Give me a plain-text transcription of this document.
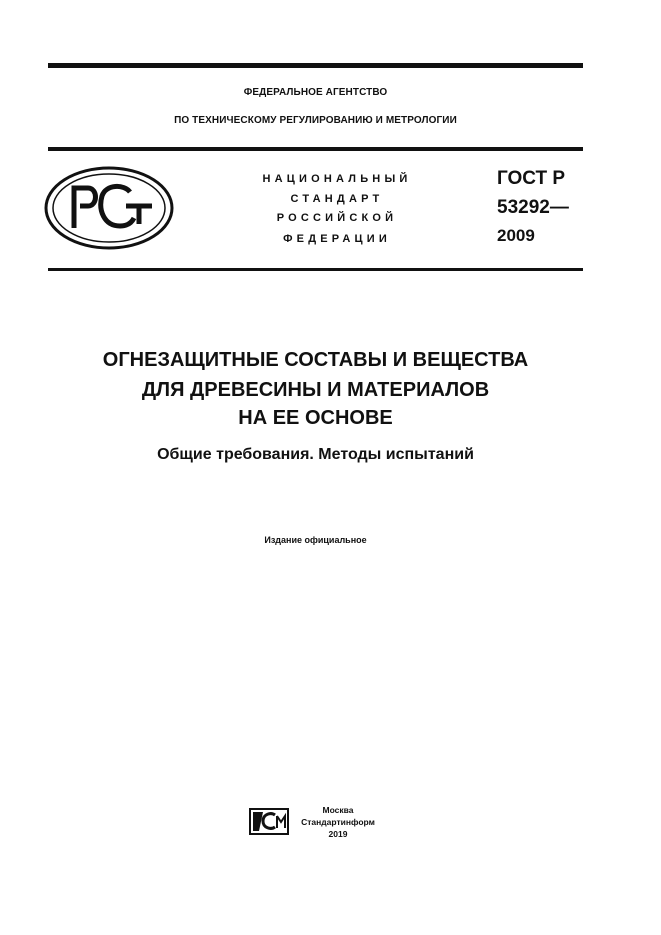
ФЕДЕРАЛЬНОЕ АГЕНТСТВО
ПО ТЕХНИЧЕСКОМУ РЕГУЛИРОВАНИЮ И МЕТРОЛОГИИ
НАЦИОНАЛЬНЫЙ
СТАНДАРТ
РОССИЙСКОЙ
ФЕДЕРАЦИИ
ГОСТ Р
53292—
2009
ОГНЕЗАЩИТНЫЕ СОСТАВЫ И ВЕЩЕСТВА
ДЛЯ ДРЕВЕСИНЫ И МАТЕРИАЛОВ
НА ЕЕ ОСНОВЕ
Общие требования. Методы испытаний
Издание официальное
Москва
Стандартинформ
2019
